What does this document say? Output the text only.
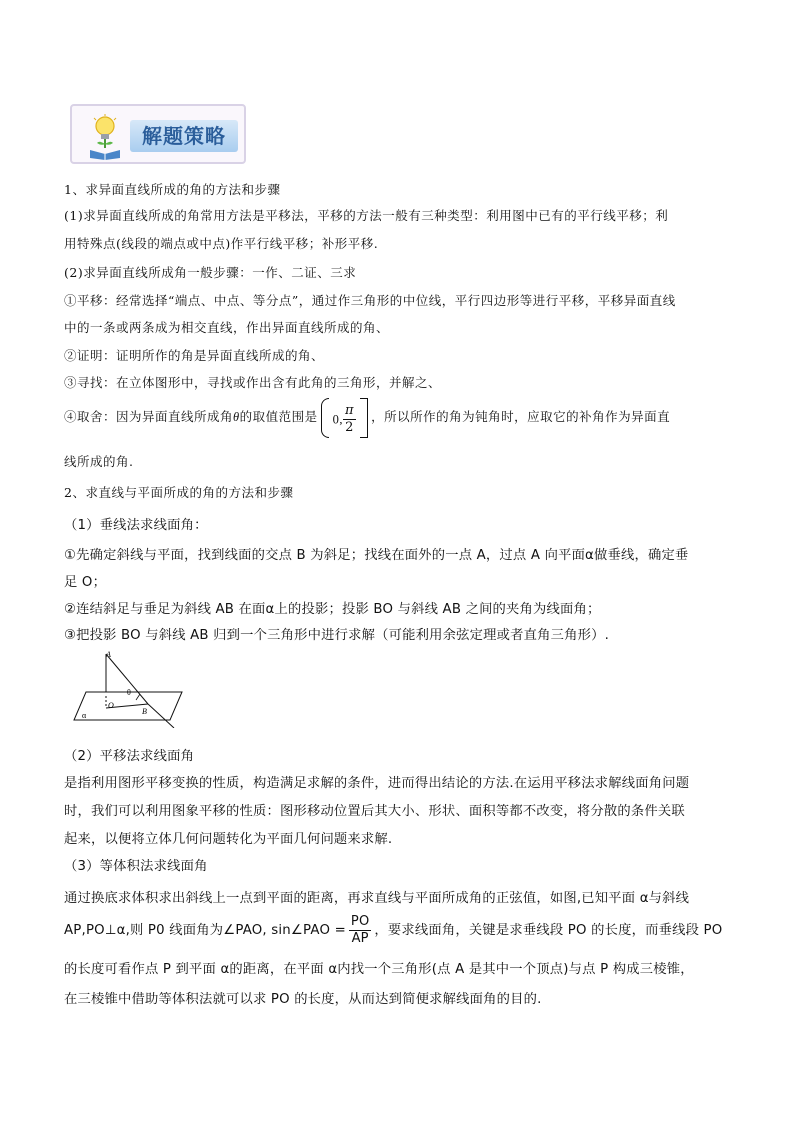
解题策略
1、求异面直线所成的角的方法和步骤
(1)求异面直线所成的角常用方法是平移法，平移的方法一般有三种类型：利用图中已有的平行线平移；利
用特殊点(线段的端点或中点)作平行线平移；补形平移.
(2)求异面直线所成角一般步骤：一作、二证、三求
①平移：经常选择“端点、中点、等分点”，通过作三角形的中位线，平行四边形等进行平移，平移异面直线
中的一条或两条成为相交直线，作出异面直线所成的角、
②证明：证明所作的角是异面直线所成的角、
③寻找：在立体图形中，寻找或作出含有此角的三角形，并解之、
④取舍：因为异面直线所成角θ的取值范围是 0, $\frac{\pi}{2}$ ，所以所作的角为钝角时，应取它的补角作为异面直
线所成的角.
2、求直线与平面所成的角的方法和步骤
（1）垂线法求线面角：
①先确定斜线与平面，找到线面的交点 B 为斜足；找线在面外的一点 A，过点 A 向平面α做垂线，确定垂
足 O；
②连结斜足与垂足为斜线 AB 在面α上的投影；投影 BO 与斜线 AB 之间的夹角为线面角；
③把投影 BO 与斜线 AB 归到一个三角形中进行求解（可能利用余弦定理或者直角三角形）.
A
O
B
θ
α
（2）平移法求线面角
是指利用图形平移变换的性质，构造满足求解的条件，进而得出结论的方法.在运用平移法求解线面角问题
时，我们可以利用图象平移的性质：图形移动位置后其大小、形状、面积等都不改变，将分散的条件关联
起来，以便将立体几何问题转化为平面几何问题来求解.
（3）等体积法求线面角
通过换底求体积求出斜线上一点到平面的距离，再求直线与平面所成角的正弦值，如图,已知平面 α与斜线
AP,PO⊥α,则 P0 线面角为∠PAO, sin∠PAO = $\frac{PO}{AP}$ ，要求线面角，关键是求垂线段 PO 的长度，而垂线段 PO
的长度可看作点 P 到平面 α的距离，在平面 α内找一个三角形(点 A 是其中一个顶点)与点 P 构成三棱锥，
在三棱锥中借助等体积法就可以求 PO 的长度，从而达到简便求解线面角的目的.
